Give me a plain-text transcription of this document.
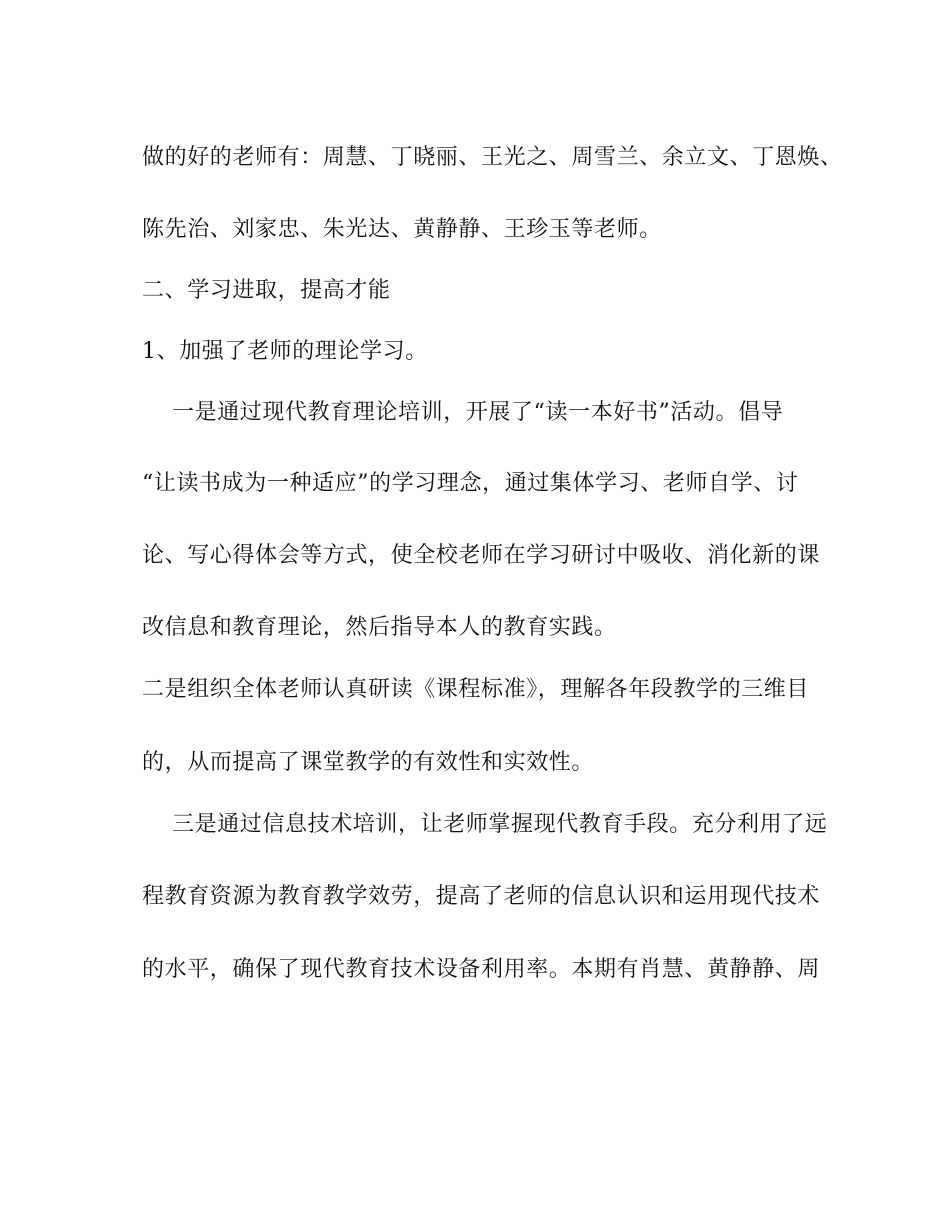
做的好的老师有：周慧、丁晓丽、王光之、周雪兰、余立文、丁恩焕、
陈先治、刘家忠、朱光达、黄静静、王珍玉等老师。
二、学习进取，提高才能
1、加强了老师的理论学习。
一是通过现代教育理论培训，开展了“读一本好书”活动。倡导
“让读书成为一种适应”的学习理念，通过集体学习、老师自学、讨
论、写心得体会等方式，使全校老师在学习研讨中吸收、消化新的课
改信息和教育理论，然后指导本人的教育实践。
二是组织全体老师认真研读《课程标准》，理解各年段教学的三维目
的，从而提高了课堂教学的有效性和实效性。
三是通过信息技术培训，让老师掌握现代教育手段。充分利用了远
程教育资源为教育教学效劳，提高了老师的信息认识和运用现代技术
的水平，确保了现代教育技术设备利用率。本期有肖慧、黄静静、周
